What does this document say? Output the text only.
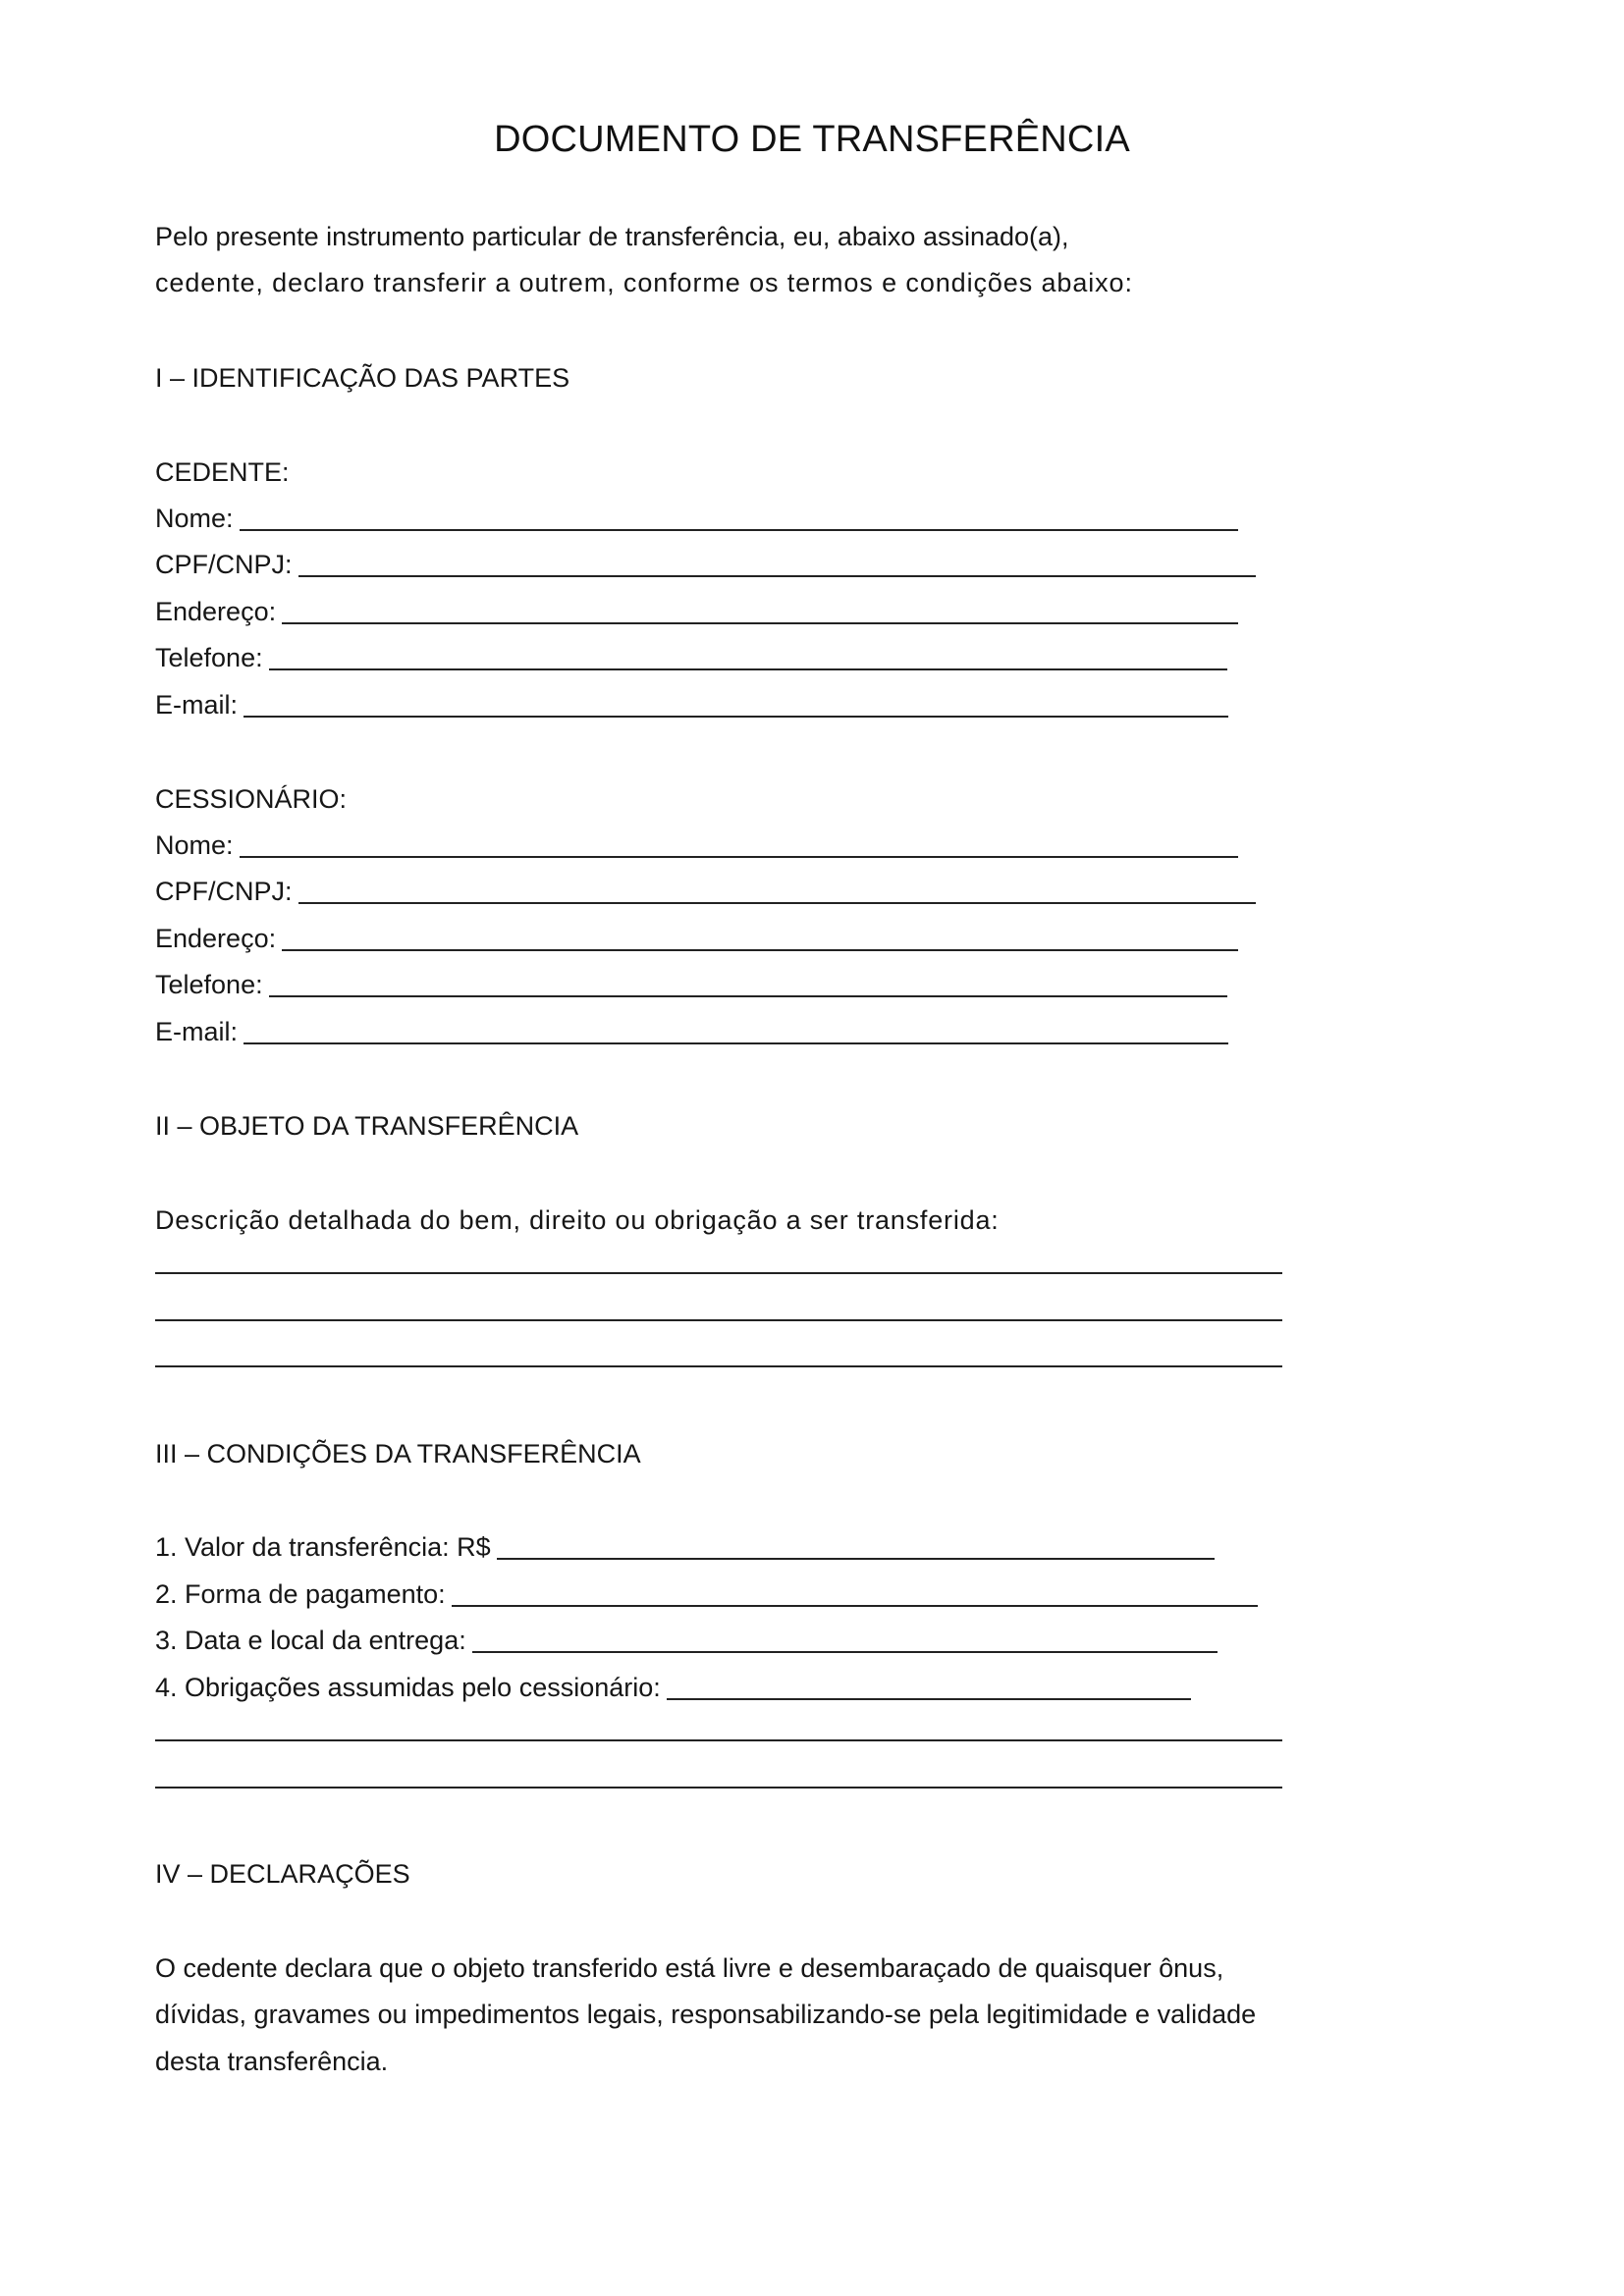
DOCUMENTO DE TRANSFERÊNCIA
Pelo presente instrumento particular de transferência, eu, abaixo assinado(a),
cedente, declaro transferir a outrem, conforme os termos e condições abaixo:
I – IDENTIFICAÇÃO DAS PARTES
CEDENTE:
Nome:
CPF/CNPJ:
Endereço:
Telefone:
E-mail:
CESSIONÁRIO:
Nome:
CPF/CNPJ:
Endereço:
Telefone:
E-mail:
II – OBJETO DA TRANSFERÊNCIA
Descrição detalhada do bem, direito ou obrigação a ser transferida:
III – CONDIÇÕES DA TRANSFERÊNCIA
1. Valor da transferência: R$
2. Forma de pagamento:
3. Data e local da entrega:
4. Obrigações assumidas pelo cessionário:
IV – DECLARAÇÕES
O cedente declara que o objeto transferido está livre e desembaraçado de quaisquer ônus,
dívidas, gravames ou impedimentos legais, responsabilizando-se pela legitimidade e validade
desta transferência.
